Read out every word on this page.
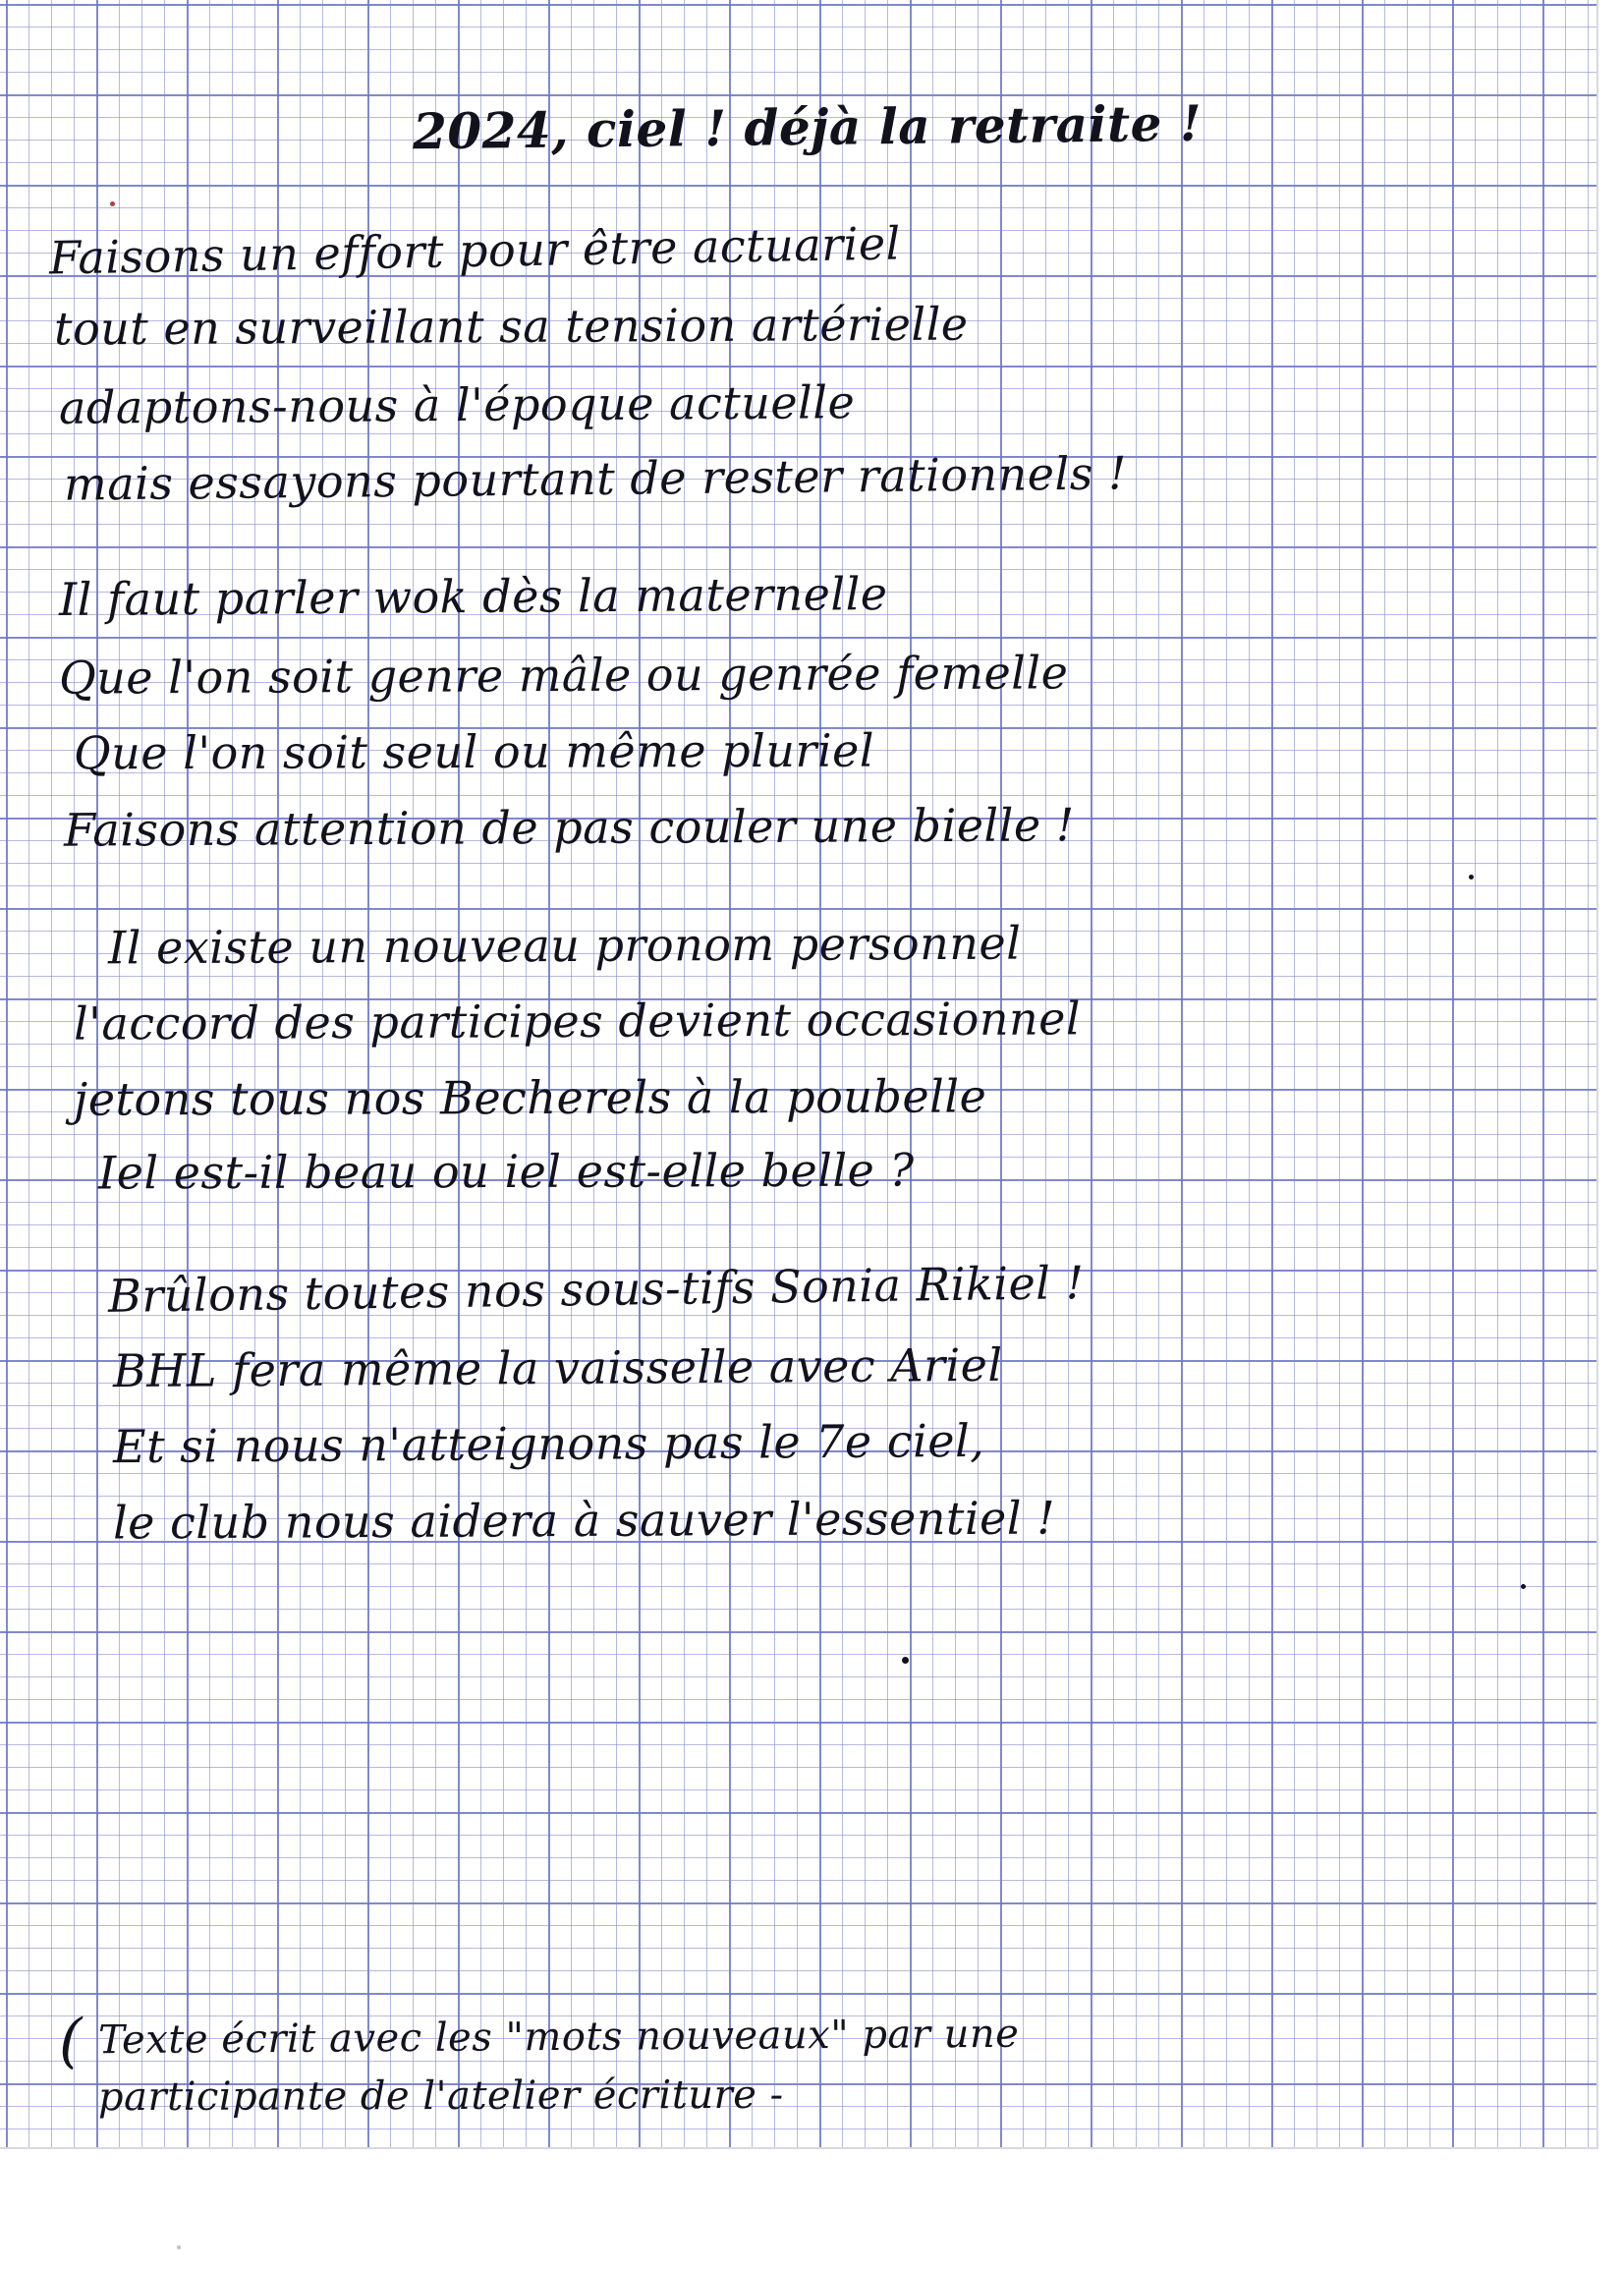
2024, ciel ! déjà la retraite !

Faisons un effort pour être actuariel

tout en surveillant sa tension artérielle

adaptons-nous à l'époque actuelle

mais essayons pourtant de rester rationnels !

Il faut parler wok dès la maternelle

Que l'on soit genre mâle ou genrée femelle

Que l'on soit seul ou même pluriel

Faisons attention de pas couler une bielle !

Il existe un nouveau pronom personnel

l'accord des participes devient occasionnel

jetons tous nos Becherels à la poubelle

Iel est-il beau ou iel est-elle belle ?

Brûlons toutes nos sous-tifs Sonia Rikiel !

BHL fera même la vaisselle avec Ariel

Et si nous n'atteignons pas le 7e ciel,

le club nous aidera à sauver l'essentiel !

( Texte écrit avec les "mots nouveaux" par une

participante de l'atelier écriture -
